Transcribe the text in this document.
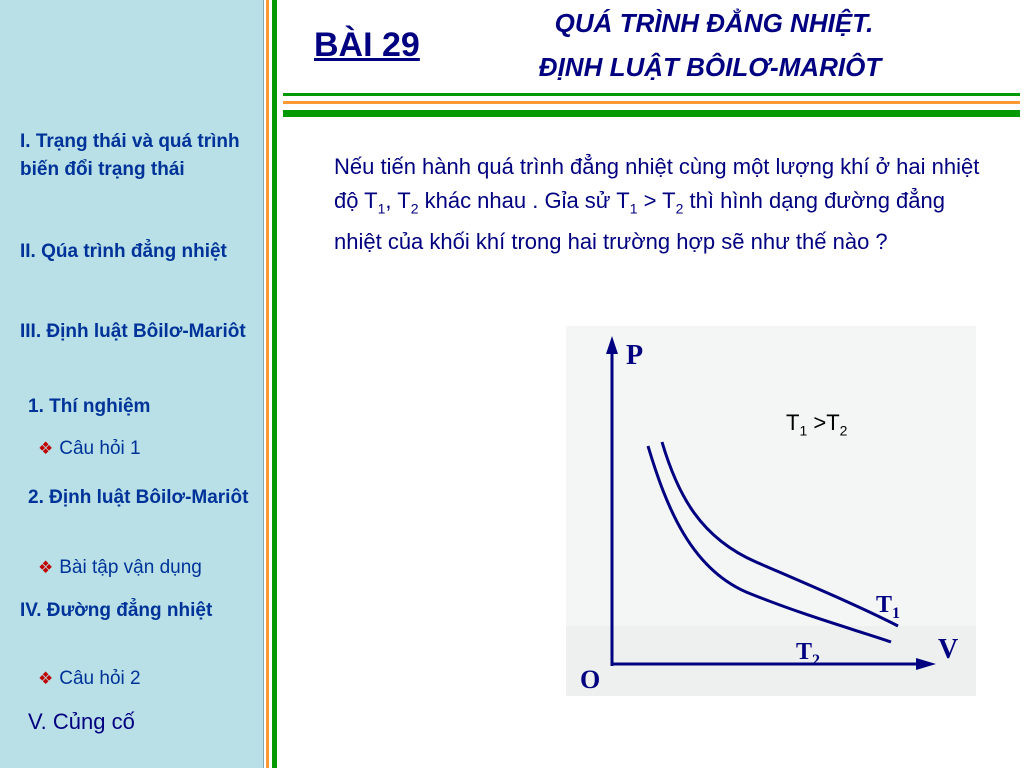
I. Trạng thái và quá trình biến đổi trạng thái
II. Qúa trình đẳng nhiệt
III. Định luật Bôilơ-Mariôt
1. Thí nghiệm
❖ Câu hỏi 1
2. Định luật Bôilơ-Mariôt
❖ Bài tập vận dụng
IV. Đường đẳng nhiệt
❖ Câu hỏi 2
V. Củng cố
BÀI 29
QUÁ TRÌNH ĐẲNG NHIỆT.
ĐỊNH LUẬT BÔILƠ-MARIÔT
Nếu tiến hành quá trình đẳng nhiệt cùng một lượng khí ở hai nhiệt độ $T_1$, $T_2$ khác nhau . Gỉa sử $T_1 > T_2$ thì hình dạng đường đẳng nhiệt của khối khí trong hai trường hợp sẽ như thế nào ?
P
V
O
$T_1$
$T_2$
$T_1 >T_2$
